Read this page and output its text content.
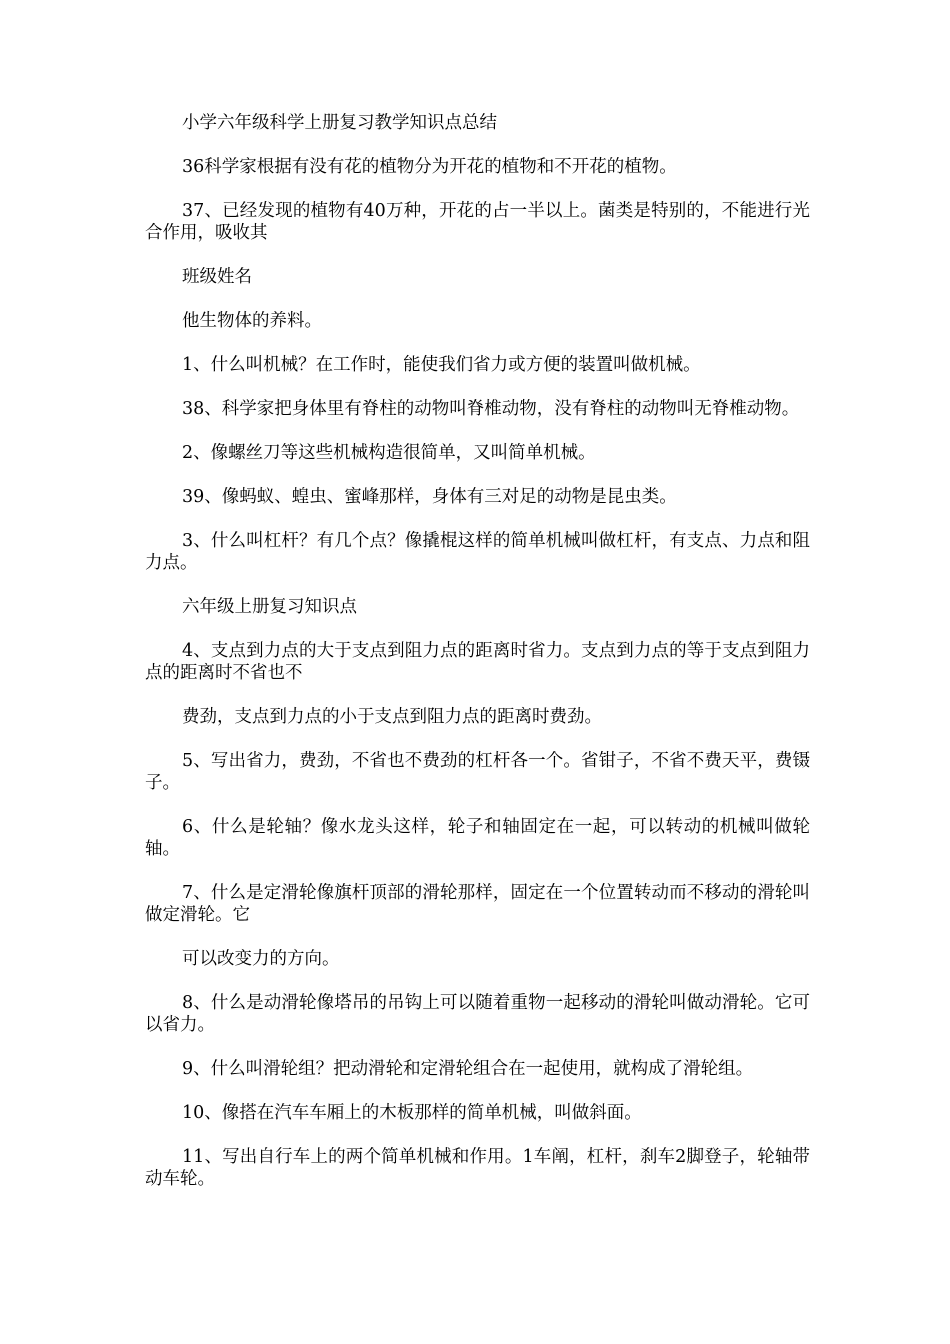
小学六年级科学上册复习教学知识点总结

36科学家根据有没有花的植物分为开花的植物和不开花的植物。

37、已经发现的植物有40万种，开花的占一半以上。菌类是特别的，不能进行光合作用，吸收其

班级姓名

他生物体的养料。

1、什么叫机械？在工作时，能使我们省力或方便的装置叫做机械。

38、科学家把身体里有脊柱的动物叫脊椎动物，没有脊柱的动物叫无脊椎动物。

2、像螺丝刀等这些机械构造很简单，又叫简单机械。

39、像蚂蚁、蝗虫、蜜峰那样，身体有三对足的动物是昆虫类。

3、什么叫杠杆？有几个点？像撬棍这样的简单机械叫做杠杆，有支点、力点和阻力点。

六年级上册复习知识点

4、支点到力点的大于支点到阻力点的距离时省力。支点到力点的等于支点到阻力点的距离时不省也不

费劲，支点到力点的小于支点到阻力点的距离时费劲。

5、写出省力，费劲，不省也不费劲的杠杆各一个。省钳子，不省不费天平，费镊子。

6、什么是轮轴？像水龙头这样，轮子和轴固定在一起，可以转动的机械叫做轮轴。

7、什么是定滑轮像旗杆顶部的滑轮那样，固定在一个位置转动而不移动的滑轮叫做定滑轮。它

可以改变力的方向。

8、什么是动滑轮像塔吊的吊钩上可以随着重物一起移动的滑轮叫做动滑轮。它可以省力。

9、什么叫滑轮组？把动滑轮和定滑轮组合在一起使用，就构成了滑轮组。

10、像搭在汽车车厢上的木板那样的简单机械，叫做斜面。

11、写出自行车上的两个简单机械和作用。1车阐，杠杆，刹车2脚登子，轮轴带动车轮。
